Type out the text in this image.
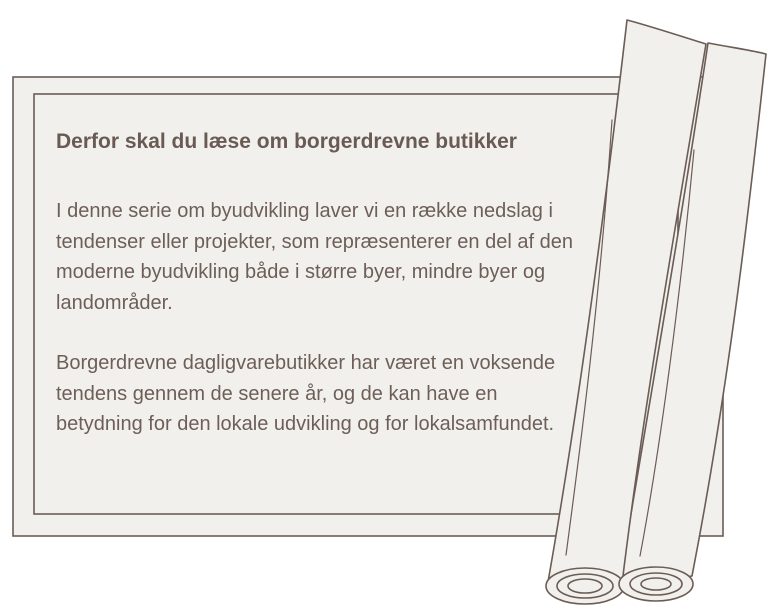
Derfor skal du læse om borgerdrevne butikker

I denne serie om byudvikling laver vi en række nedslag i tendenser eller projekter, som repræsenterer en del af den moderne byudvikling både i større byer, mindre byer og landområder.

Borgerdrevne dagligvarebutikker har været en voksende tendens gennem de senere år, og de kan have en betydning for den lokale udvikling og for lokalsamfundet.
